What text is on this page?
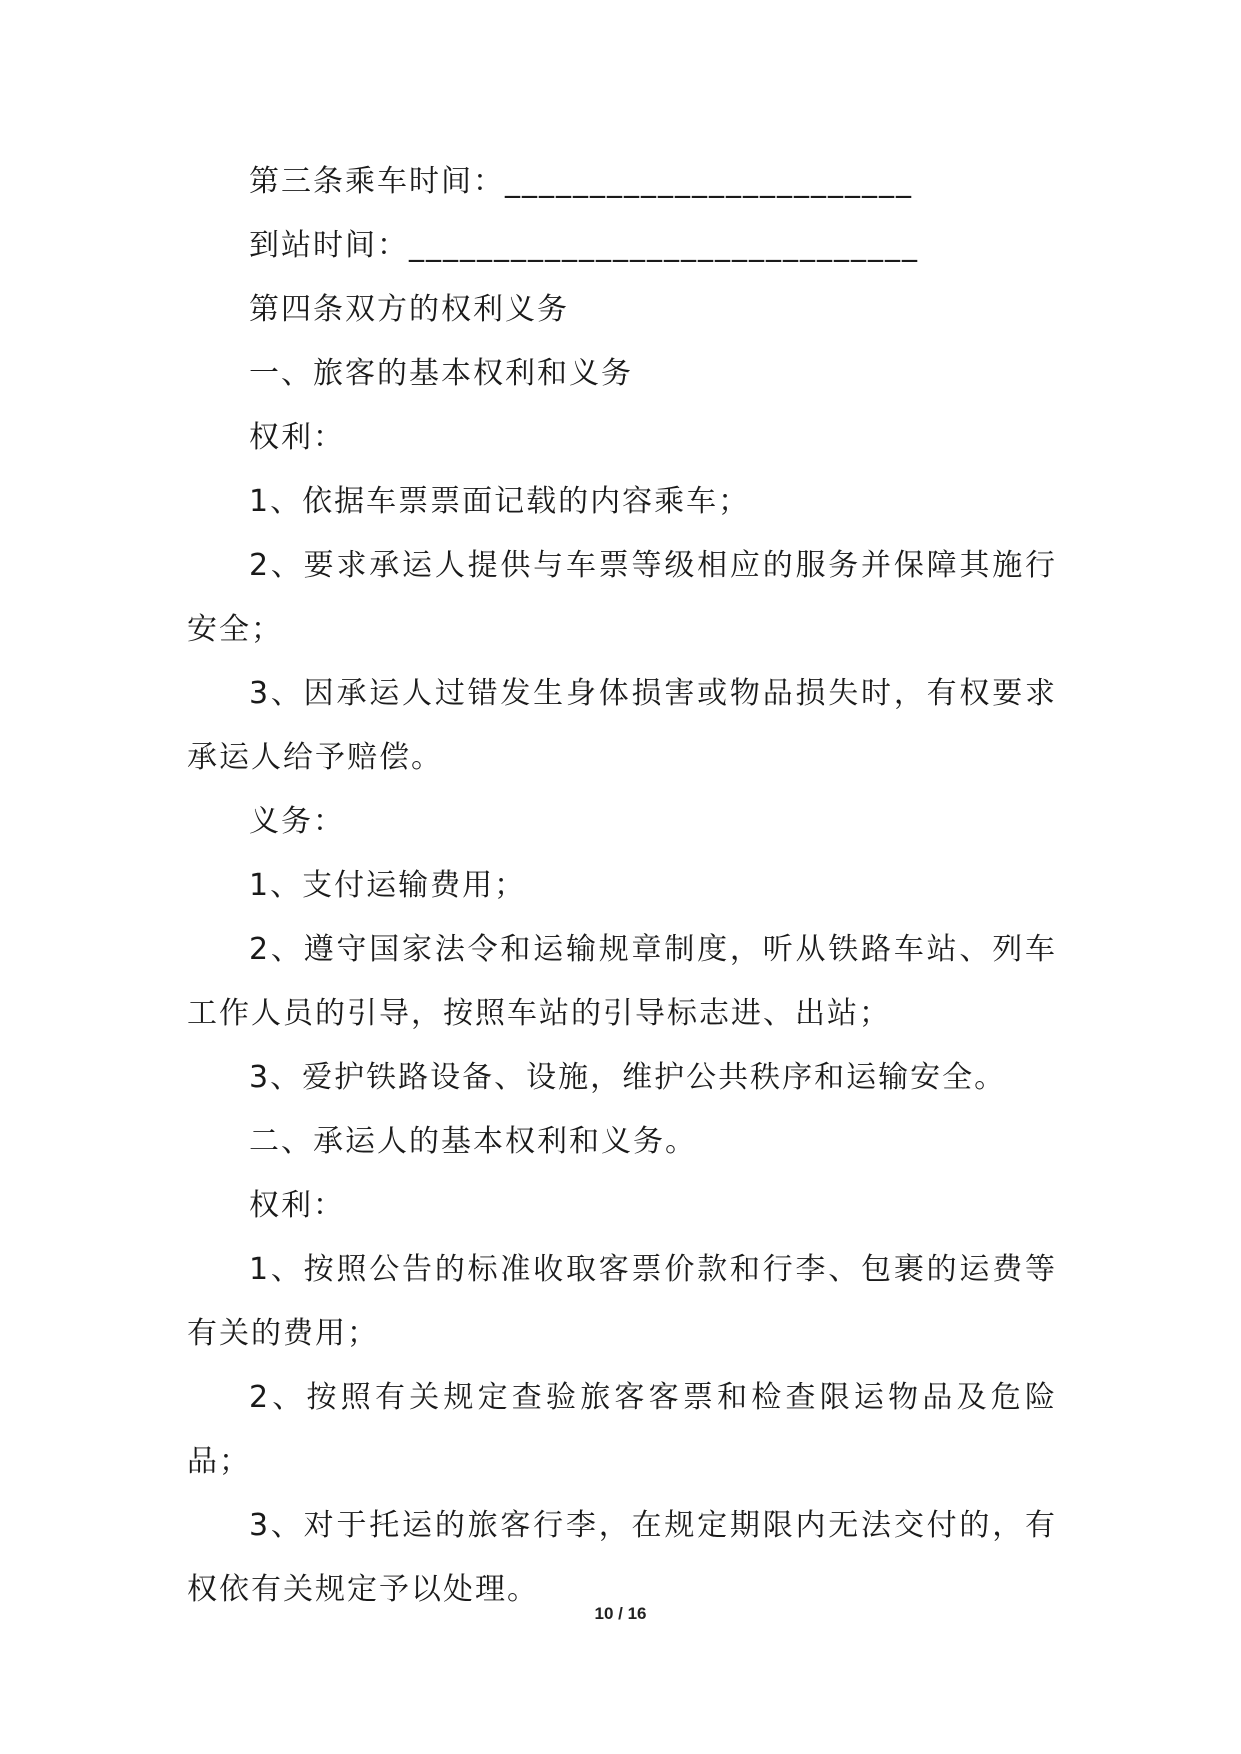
第三条乘车时间：________________________

到站时间：______________________________

第四条双方的权利义务

一、旅客的基本权利和义务

权利：

1、依据车票票面记载的内容乘车；

2、要求承运人提供与车票等级相应的服务并保障其施行安全；

3、因承运人过错发生身体损害或物品损失时，有权要求承运人给予赔偿。

义务：

1、支付运输费用；

2、遵守国家法令和运输规章制度，听从铁路车站、列车工作人员的引导，按照车站的引导标志进、出站；

3、爱护铁路设备、设施，维护公共秩序和运输安全。

二、承运人的基本权利和义务。

权利：

1、按照公告的标准收取客票价款和行李、包裹的运费等有关的费用；

2、按照有关规定查验旅客客票和检查限运物品及危险品；

3、对于托运的旅客行李，在规定期限内无法交付的，有权依有关规定予以处理。

10 / 16
